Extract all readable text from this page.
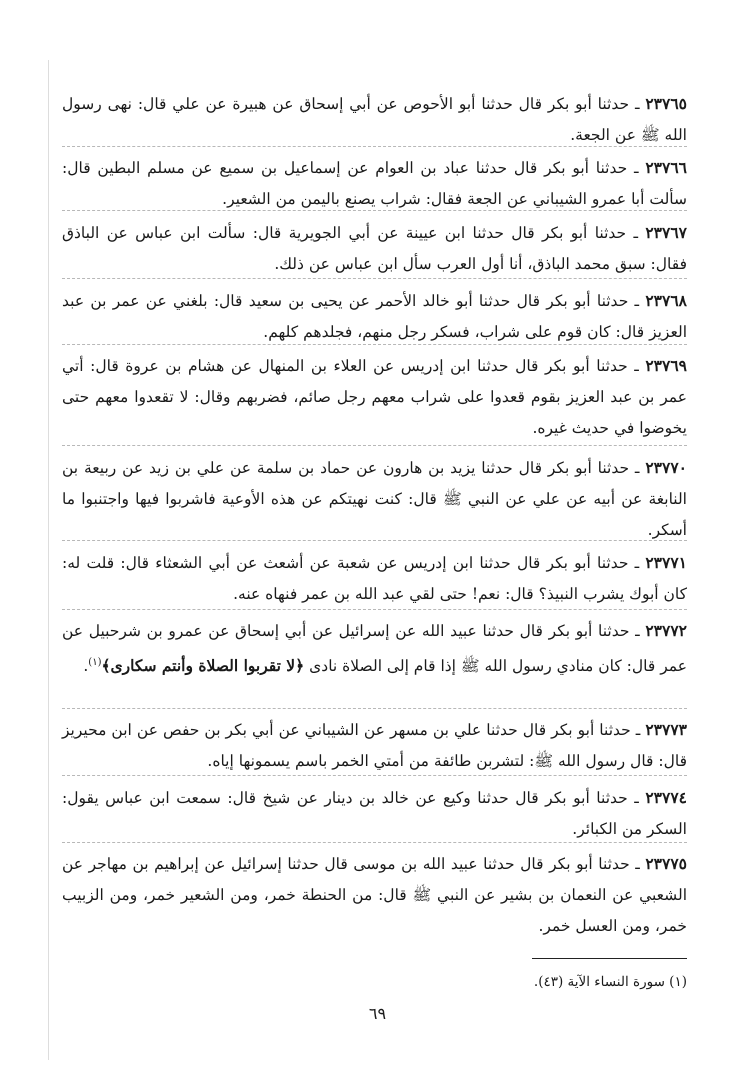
٢٣٧٦٥ ـ حدثنا أبو بكر قال حدثنا أبو الأحوص عن أبي إسحاق عن هبيرة عن علي قال: نهى رسول الله ﷺ عن الجعة.

٢٣٧٦٦ ـ حدثنا أبو بكر قال حدثنا عباد بن العوام عن إسماعيل بن سميع عن مسلم البطين قال: سألت أبا عمرو الشيباني عن الجعة فقال: شراب يصنع باليمن من الشعير.

٢٣٧٦٧ ـ حدثنا أبو بكر قال حدثنا ابن عيينة عن أبي الجويرية قال: سألت ابن عباس عن الباذق فقال: سبق محمد الباذق، أنا أول العرب سأل ابن عباس عن ذلك.

٢٣٧٦٨ ـ حدثنا أبو بكر قال حدثنا أبو خالد الأحمر عن يحيى بن سعيد قال: بلغني عن عمر بن عبد العزيز قال: كان قوم على شراب، فسكر رجل منهم، فجلدهم كلهم.

٢٣٧٦٩ ـ حدثنا أبو بكر قال حدثنا ابن إدريس عن العلاء بن المنهال عن هشام بن عروة قال: أتي عمر بن عبد العزيز بقوم قعدوا على شراب معهم رجل صائم، فضربهم وقال: لا تقعدوا معهم حتى يخوضوا في حديث غيره.

٢٣٧٧٠ ـ حدثنا أبو بكر قال حدثنا يزيد بن هارون عن حماد بن سلمة عن علي بن زيد عن ربيعة بن النابغة عن أبيه عن علي عن النبي ﷺ قال: كنت نهيتكم عن هذه الأوعية فاشربوا فيها واجتنبوا ما أسكر.

٢٣٧٧١ ـ حدثنا أبو بكر قال حدثنا ابن إدريس عن شعبة عن أشعث عن أبي الشعثاء قال: قلت له: كان أبوك يشرب النبيذ؟ قال: نعم! حتى لقي عبد الله بن عمر فنهاه عنه.

٢٣٧٧٢ ـ حدثنا أبو بكر قال حدثنا عبيد الله عن إسرائيل عن أبي إسحاق عن عمرو بن شرحبيل عن عمر قال: كان منادي رسول الله ﷺ إذا قام إلى الصلاة نادى ﴿لا تقربوا الصلاة وأنتم سكارى﴾$^{(١)}$.

٢٣٧٧٣ ـ حدثنا أبو بكر قال حدثنا علي بن مسهر عن الشيباني عن أبي بكر بن حفص عن ابن محيريز قال: قال رسول الله ﷺ: لتشربن طائفة من أمتي الخمر باسم يسمونها إياه.

٢٣٧٧٤ ـ حدثنا أبو بكر قال حدثنا وكيع عن خالد بن دينار عن شيخ قال: سمعت ابن عباس يقول: السكر من الكبائر.

٢٣٧٧٥ ـ حدثنا أبو بكر قال حدثنا عبيد الله بن موسى قال حدثنا إسرائيل عن إبراهيم بن مهاجر عن الشعبي عن النعمان بن بشير عن النبي ﷺ قال: من الحنطة خمر، ومن الشعير خمر، ومن الزبيب خمر، ومن العسل خمر.

(١) سورة النساء الآية (٤٣).
٦٩
